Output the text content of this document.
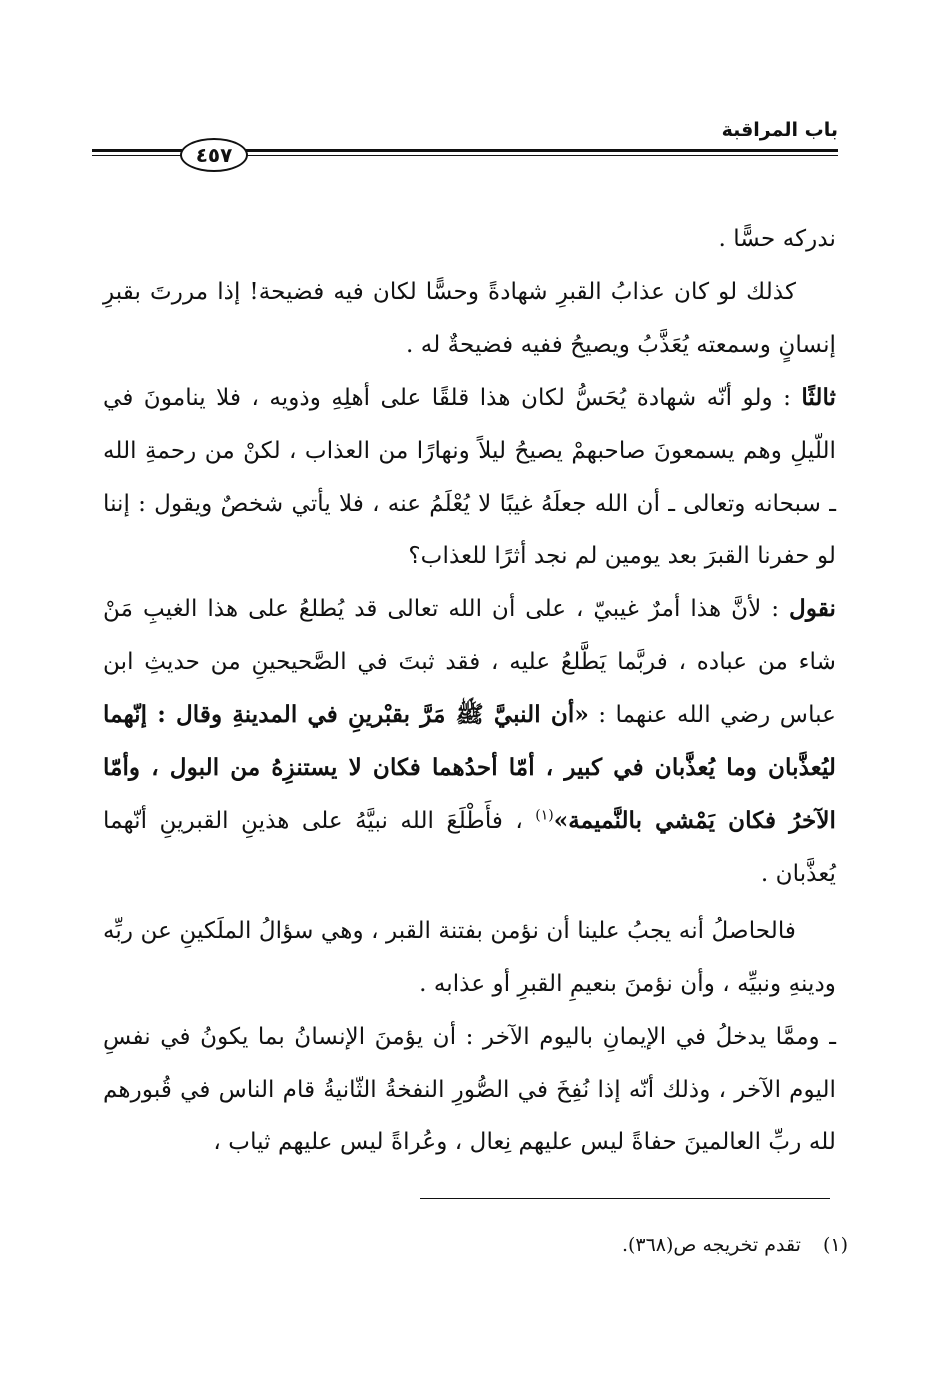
باب المراقبة
٤٥٧

ندركه حسًّا .

كذلك لو كان عذابُ القبرِ شهادةً وحسًّا لكان فيه فضيحة! إذا مررتَ بقبرِ إنسانٍ وسمعته يُعَذَّبُ ويصيحُ ففيه فضيحةٌ له .

ثالثًا : ولو أنّه شهادة يُحَسُّ لكان هذا قلقًا على أهلِهِ وذويه ، فلا ينامونَ في اللّيلِ وهم يسمعونَ صاحبهمْ يصيحُ ليلاً ونهارًا من العذاب ، لكنْ من رحمةِ الله ـ سبحانه وتعالى ـ أن الله جعلَهُ غيبًا لا يُعْلَمُ عنه ، فلا يأتي شخصٌ ويقول : إننا لو حفرنا القبرَ بعد يومين لم نجد أثرًا للعذاب؟

نقول : لأنَّ هذا أمرٌ غيبيّ ، على أن الله تعالى قد يُطلعُ على هذا الغيبِ مَنْ شاء من عباده ، فربَّما يَطَّلعُ عليه ، فقد ثبتَ في الصَّحيحينِ من حديثِ ابن عباس رضي الله عنهما : «أن النبيَّ ﷺ مَرَّ بقبْرينِ في المدينةِ وقال : إنّهما ليُعذَّبان وما يُعذَّبان في كبير ، أمّا أحدُهما فكان لا يستنزِهُ من البول ، وأمّا الآخرُ فكان يَمْشي بالنَّميمة»$^{(١)}$ ، فأَطْلَعَ الله نبيَّهُ على هذينِ القبرينِ أنّهما يُعذَّبان .

فالحاصلُ أنه يجبُ علينا أن نؤمن بفتنة القبر ، وهي سؤالُ الملَكينِ عن ربِّه ودينهِ ونبيِّه ، وأن نؤمنَ بنعيمِ القبرِ أو عذابه .

ـ وممَّا يدخلُ في الإيمانِ باليوم الآخر : أن يؤمنَ الإنسانُ بما يكونُ في نفسِ اليوم الآخر ، وذلك أنّه إذا نُفِخَ في الصُّورِ النفخةُ الثّانيةُ قام الناس في قُبورهم لله ربِّ العالمينَ حفاةً ليس عليهم نِعال ، وعُراةً ليس عليهم ثياب ،

(١) تقدم تخريجه ص(٣٦٨).
